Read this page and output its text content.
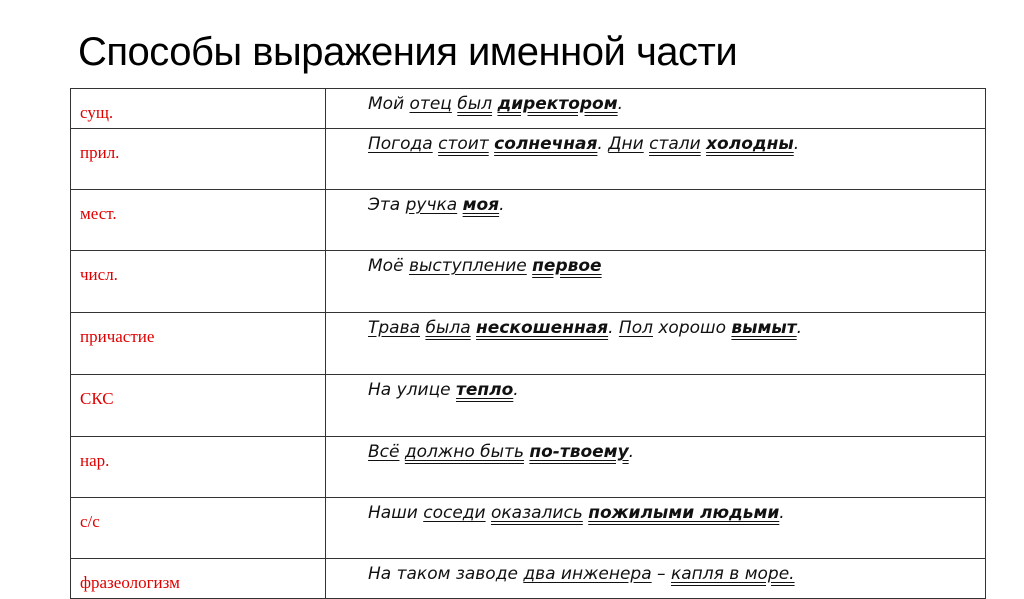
Способы выражения именной части
сущ.	Мой отец был директором.
прил.	Погода стоит солнечная. Дни стали холодны.
мест.	Эта ручка моя.
числ.	Моё выступление первое
причастие	Трава была нескошенная. Пол хорошо вымыт.
СКС	На улице тепло.
нар.	Всё должно быть по-твоему.
с/с	Наши соседи оказались пожилыми людьми.
фразеологизм	На таком заводе два инженера – капля в море.
